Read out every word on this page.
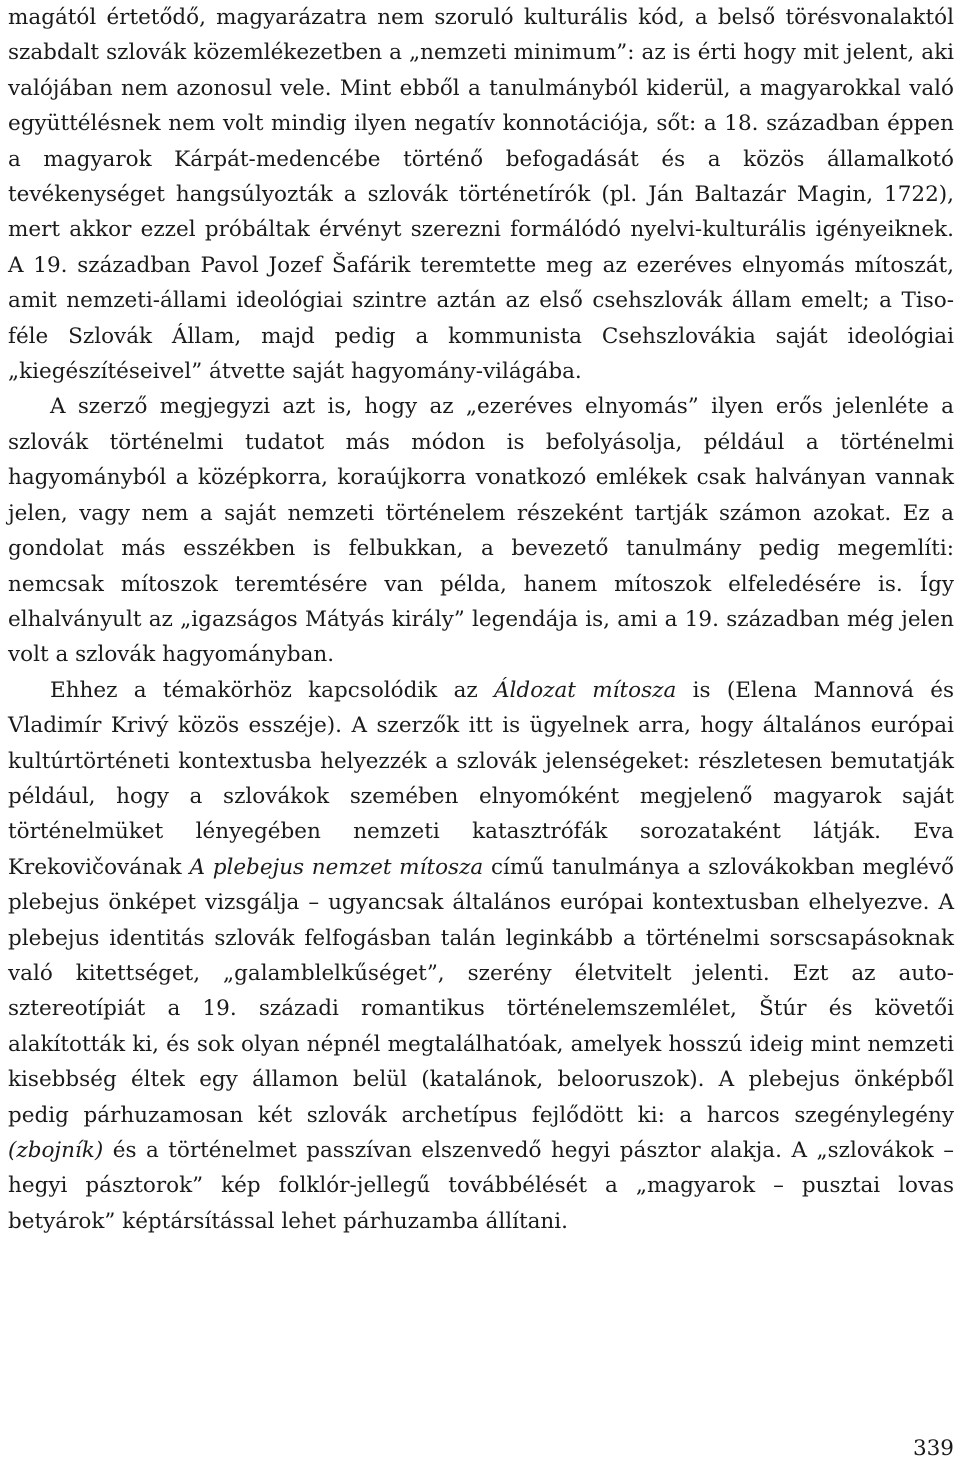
magától értetődő, magyarázatra nem szoruló kulturális kód, a belső törésvonalaktól szabdalt szlovák közemlékezetben a „nemzeti minimum”: az is érti hogy mit jelent, aki valójában nem azonosul vele. Mint ebből a tanulmányból kiderül, a magyarokkal való együttélésnek nem volt mindig ilyen negatív konnotációja, sőt: a 18. században éppen a magyarok Kárpát-medencébe történő befogadását és a közös államalkotó tevékenységet hangsúlyozták a szlovák történetírók (pl. Ján Baltazár Magin, 1722), mert akkor ezzel próbáltak érvényt szerezni formálódó nyelvi-kulturális igényeiknek. A 19. században Pavol Jozef Šafárik teremtette meg az ezeréves elnyomás mítoszát, amit nemzeti-állami ideológiai szintre aztán az első csehszlovák állam emelt; a Tiso-féle Szlovák Állam, majd pedig a kommunista Csehszlovákia saját ideológiai „kiegészítéseivel” átvette saját hagyomány-világába.

A szerző megjegyzi azt is, hogy az „ezeréves elnyomás” ilyen erős jelenléte a szlovák történelmi tudatot más módon is befolyásolja, például a történelmi hagyományból a középkorra, koraújkorra vonatkozó emlékek csak halványan vannak jelen, vagy nem a saját nemzeti történelem részeként tartják számon azokat. Ez a gondolat más esszékben is felbukkan, a bevezető tanulmány pedig megemlíti: nemcsak mítoszok teremtésére van példa, hanem mítoszok elfeledésére is. Így elhalványult az „igazságos Mátyás király” legendája is, ami a 19. században még jelen volt a szlovák hagyományban.

Ehhez a témakörhöz kapcsolódik az Áldozat mítosza is (Elena Mannová és Vladimír Krivý közös esszéje). A szerzők itt is ügyelnek arra, hogy általános európai kultúrtörténeti kontextusba helyezzék a szlovák jelenségeket: részletesen bemutatják például, hogy a szlovákok szemében elnyomóként megjelenő magyarok saját történelmüket lényegében nemzeti katasztrófák sorozataként látják. Eva Krekovičovának A plebejus nemzet mítosza című tanulmánya a szlovákokban meglévő plebejus önképet vizsgálja – ugyancsak általános európai kontextusban elhelyezve. A plebejus identitás szlovák felfogásban talán leginkább a történelmi sorscsapásoknak való kitettséget, „galamblelkűséget”, szerény életvitelt jelenti. Ezt az auto-sztereotípiát a 19. századi romantikus történelemszemlélet, Štúr és követői alakították ki, és sok olyan népnél megtalálhatóak, amelyek hosszú ideig mint nemzeti kisebbség éltek egy államon belül (katalánok, belooruszok). A plebejus önképből pedig párhuzamosan két szlovák archetípus fejlődött ki: a harcos szegénylegény (zbojník) és a történelmet passzívan elszenvedő hegyi pásztor alakja. A „szlovákok – hegyi pásztorok” kép folklór-jellegű továbbélését a „magyarok – pusztai lovas betyárok” képtársítással lehet párhuzamba állítani.

339
